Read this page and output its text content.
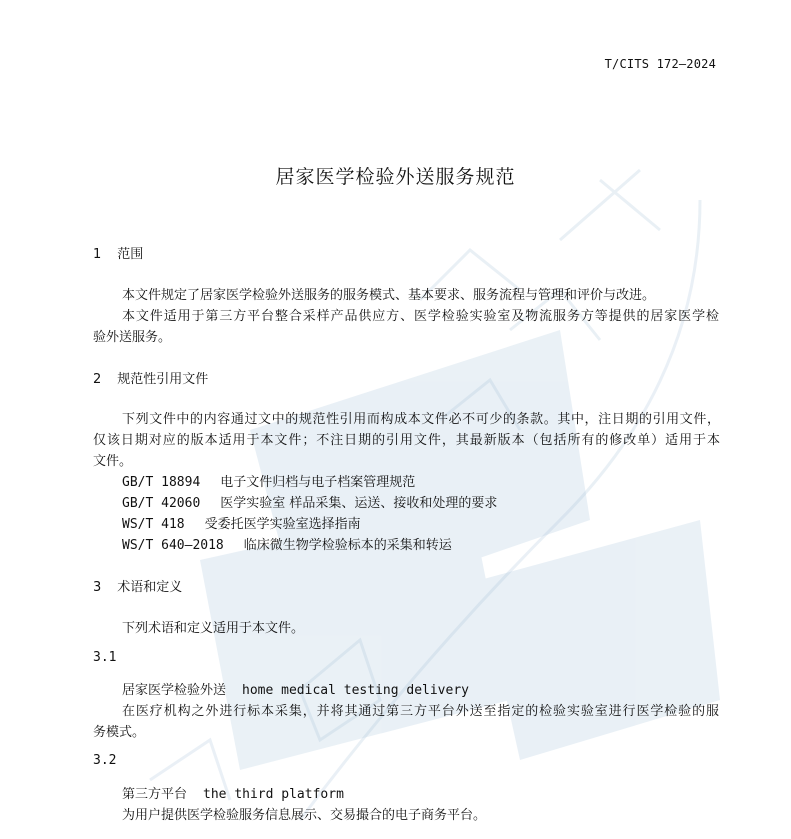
T/CITS 172—2024
居家医学检验外送服务规范
1 范围
本文件规定了居家医学检验外送服务的服务模式、基本要求、服务流程与管理和评价与改进。
本文件适用于第三方平台整合采样产品供应方、医学检验实验室及物流服务方等提供的居家医学检
验外送服务。
2 规范性引用文件
下列文件中的内容通过文中的规范性引用而构成本文件必不可少的条款。其中，注日期的引用文件，
仅该日期对应的版本适用于本文件；不注日期的引用文件，其最新版本（包括所有的修改单）适用于本
文件。
GB/T 18894 电子文件归档与电子档案管理规范
GB/T 42060 医学实验室 样品采集、运送、接收和处理的要求
WS/T 418 受委托医学实验室选择指南
WS/T 640—2018 临床微生物学检验标本的采集和转运
3 术语和定义
下列术语和定义适用于本文件。
3.1
居家医学检验外送 home medical testing delivery
在医疗机构之外进行标本采集，并将其通过第三方平台外送至指定的检验实验室进行医学检验的服
务模式。
3.2
第三方平台 the third platform
为用户提供医学检验服务信息展示、交易撮合的电子商务平台。
